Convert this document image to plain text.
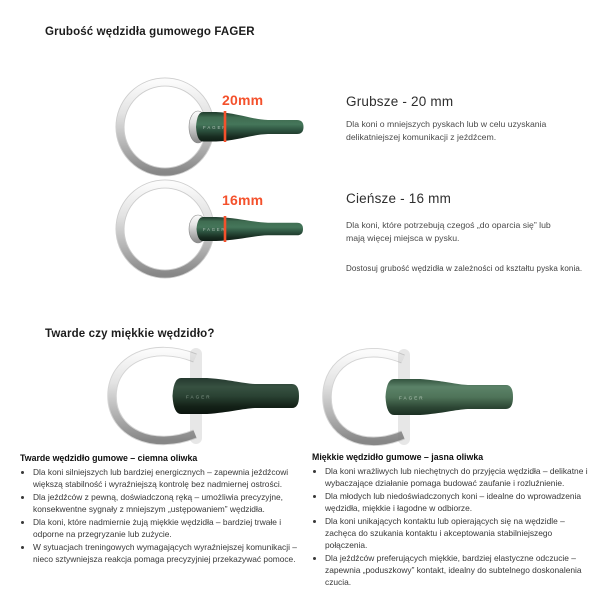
Grubość wędzidła gumowego FAGER
FAGER
20mm	Grubsze - 20 mm

Dla koni o mniejszych pyskach lub w celu uzyskania delikatniejszej komunikacji z jeźdźcem.

FAGER
16mm	Cieńsze - 16 mm

Dla koni, które potrzebują czegoś „do oparcia się” lub mają więcej miejsca w pysku.

Dostosuj grubość wędzidła w zależności od kształtu pyska konia.
Twarde czy miękkie wędzidło?
FAGER	FAGER
Twarde wędzidło gumowe – ciemna oliwka
• Dla koni silniejszych lub bardziej energicznych – zapewnia jeźdźcowi większą stabilność i wyraźniejszą kontrolę bez nadmiernej ostrości.
• Dla jeźdźców z pewną, doświadczoną ręką – umożliwia precyzyjne, konsekwentne sygnały z mniejszym „ustępowaniem” wędzidła.
• Dla koni, które nadmiernie żują miękkie wędzidła – bardziej trwałe i odporne na przegryzanie lub zużycie.
• W sytuacjach treningowych wymagających wyraźniejszej komunikacji – nieco sztywniejsza reakcja pomaga precyzyjniej przekazywać pomoce.
Miękkie wędzidło gumowe – jasna oliwka
• Dla koni wrażliwych lub niechętnych do przyjęcia wędzidła – delikatne i wybaczające działanie pomaga budować zaufanie i rozluźnienie.
• Dla młodych lub niedoświadczonych koni – idealne do wprowadzenia wędzidła, miękkie i łagodne w odbiorze.
• Dla koni unikających kontaktu lub opierających się na wędzidle – zachęca do szukania kontaktu i akceptowania stabilniejszego połączenia.
• Dla jeźdźców preferujących miękkie, bardziej elastyczne odczucie – zapewnia „poduszkowy” kontakt, idealny do subtelnego doskonalenia czucia.
